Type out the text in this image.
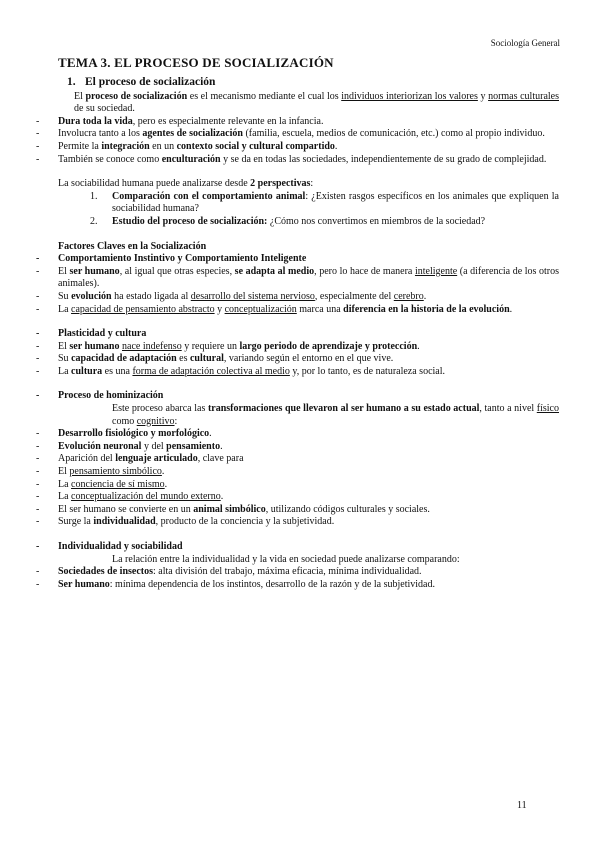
Sociología General
TEMA 3. EL PROCESO DE SOCIALIZACIÓN
1. El proceso de socialización
El proceso de socialización es el mecanismo mediante el cual los individuos interiorizan los valores y normas culturales de su sociedad.
- Dura toda la vida, pero es especialmente relevante en la infancia.
- Involucra tanto a los agentes de socialización (familia, escuela, medios de comunicación, etc.) como al propio individuo.
- Permite la integración en un contexto social y cultural compartido.
- También se conoce como enculturación y se da en todas las sociedades, independientemente de su grado de complejidad.
La sociabilidad humana puede analizarse desde 2 perspectivas:
1. Comparación con el comportamiento animal: ¿Existen rasgos específicos en los animales que expliquen la sociabilidad humana?
2. Estudio del proceso de socialización: ¿Cómo nos convertimos en miembros de la sociedad?
Factores Claves en la Socialización
- Comportamiento Instintivo y Comportamiento Inteligente
- El ser humano, al igual que otras especies, se adapta al medio, pero lo hace de manera inteligente (a diferencia de los otros animales).
- Su evolución ha estado ligada al desarrollo del sistema nervioso, especialmente del cerebro.
- La capacidad de pensamiento abstracto y conceptualización marca una diferencia en la historia de la evolución.
- Plasticidad y cultura
- El ser humano nace indefenso y requiere un largo periodo de aprendizaje y protección.
- Su capacidad de adaptación es cultural, variando según el entorno en el que vive.
- La cultura es una forma de adaptación colectiva al medio y, por lo tanto, es de naturaleza social.
- Proceso de hominización
Este proceso abarca las transformaciones que llevaron al ser humano a su estado actual, tanto a nivel físico como cognitivo:
- Desarrollo fisiológico y morfológico.
- Evolución neuronal y del pensamiento.
- Aparición del lenguaje articulado, clave para
- El pensamiento simbólico.
- La conciencia de sí mismo.
- La conceptualización del mundo externo.
- El ser humano se convierte en un animal simbólico, utilizando códigos culturales y sociales.
- Surge la individualidad, producto de la conciencia y la subjetividad.
- Individualidad y sociabilidad
La relación entre la individualidad y la vida en sociedad puede analizarse comparando:
- Sociedades de insectos: alta división del trabajo, máxima eficacia, mínima individualidad.
- Ser humano: mínima dependencia de los instintos, desarrollo de la razón y de la subjetividad.
11
